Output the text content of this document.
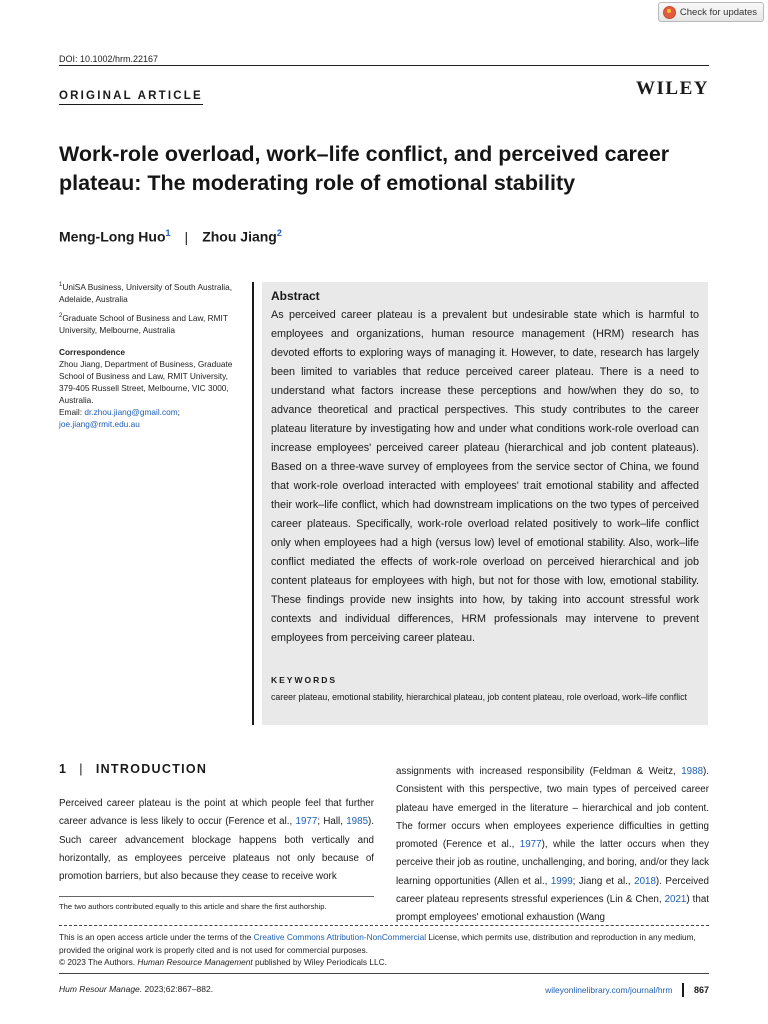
Check for updates
DOI: 10.1002/hrm.22167
ORIGINAL ARTICLE	WILEY
Work-role overload, work–life conflict, and perceived career plateau: The moderating role of emotional stability
Meng-Long Huo$^1$ | Zhou Jiang$^2$

$^1$UniSA Business, University of South Australia, Adelaide, Australia

$^2$Graduate School of Business and Law, RMIT University, Melbourne, Australia

Correspondence

Zhou Jiang, Department of Business, Graduate School of Business and Law, RMIT University, 379-405 Russell Street, Melbourne, VIC 3000, Australia.
Email: dr.zhou.jiang@gmail.com; joe.jiang@rmit.edu.au

Abstract
As perceived career plateau is a prevalent but undesirable state which is harmful to employees and organizations, human resource management (HRM) research has devoted efforts to exploring ways of managing it. However, to date, research has largely been limited to variables that reduce perceived career plateau. There is a need to understand what factors increase these perceptions and how/when they do so, to advance theoretical and practical perspectives. This study contributes to the career plateau literature by investigating how and under what conditions work-role overload can increase employees' perceived career plateau (hierarchical and job content plateaus). Based on a three-wave survey of employees from the service sector of China, we found that work-role overload interacted with employees' trait emotional stability and affected their work–life conflict, which had downstream implications on the two types of perceived career plateaus. Specifically, work-role overload related positively to work–life conflict only when employees had a high (versus low) level of emotional stability. Also, work–life conflict mediated the effects of work-role overload on perceived hierarchical and job content plateaus for employees with high, but not for those with low, emotional stability. These findings provide new insights into how, by taking into account stressful work contexts and individual differences, HRM professionals may intervene to prevent employees from perceiving career plateau.
KEYWORDS
career plateau, emotional stability, hierarchical plateau, job content plateau, role overload, work–life conflict
1 | INTRODUCTION
Perceived career plateau is the point at which people feel that further career advance is less likely to occur (Ference et al., 1977; Hall, 1985). Such career advancement blockage happens both vertically and horizontally, as employees perceive plateaus not only because of promotion barriers, but also because they cease to receive work
assignments with increased responsibility (Feldman & Weitz, 1988). Consistent with this perspective, two main types of perceived career plateau have emerged in the literature – hierarchical and job content. The former occurs when employees experience difficulties in getting promoted (Ference et al., 1977), while the latter occurs when they perceive their job as routine, unchallenging, and boring, and/or they lack learning opportunities (Allen et al., 1999; Jiang et al., 2018). Perceived career plateau represents stressful experiences (Lin & Chen, 2021) that prompt employees' emotional exhaustion (Wang
The two authors contributed equally to this article and share the first authorship.
This is an open access article under the terms of the Creative Commons Attribution-NonCommercial License, which permits use, distribution and reproduction in any medium, provided the original work is properly cited and is not used for commercial purposes.
© 2023 The Authors. Human Resource Management published by Wiley Periodicals LLC.
Hum Resour Manage. 2023;62:867–882.	wileyonlinelibrary.com/journal/hrm 867
